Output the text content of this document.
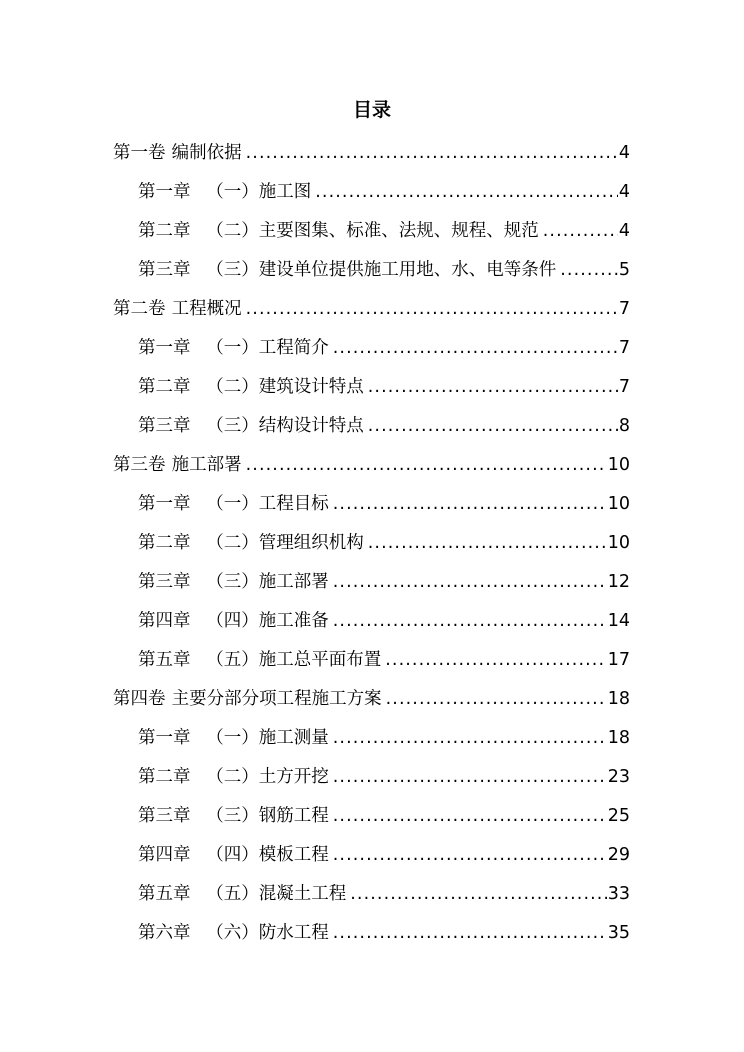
目录
第一卷 编制依据 .....	4
第一章 （一）施工图 .....	4
第二章 （二）主要图集、标准、法规、规程、规范 .....	4
第三章 （三）建设单位提供施工用地、水、电等条件 .....	5
第二卷 工程概况 .....	7
第一章 （一）工程简介 .....	7
第二章 （二）建筑设计特点 .....	7
第三章 （三）结构设计特点 .....	8
第三卷 施工部署 .....	10
第一章 （一）工程目标 .....	10
第二章 （二）管理组织机构 .....	10
第三章 （三）施工部署 .....	12
第四章 （四）施工准备 .....	14
第五章 （五）施工总平面布置 .....	17
第四卷 主要分部分项工程施工方案 .....	18
第一章 （一）施工测量 .....	18
第二章 （二）土方开挖 .....	23
第三章 （三）钢筋工程 .....	25
第四章 （四）模板工程 .....	29
第五章 （五）混凝土工程 .....	33
第六章 （六）防水工程 .....	35
